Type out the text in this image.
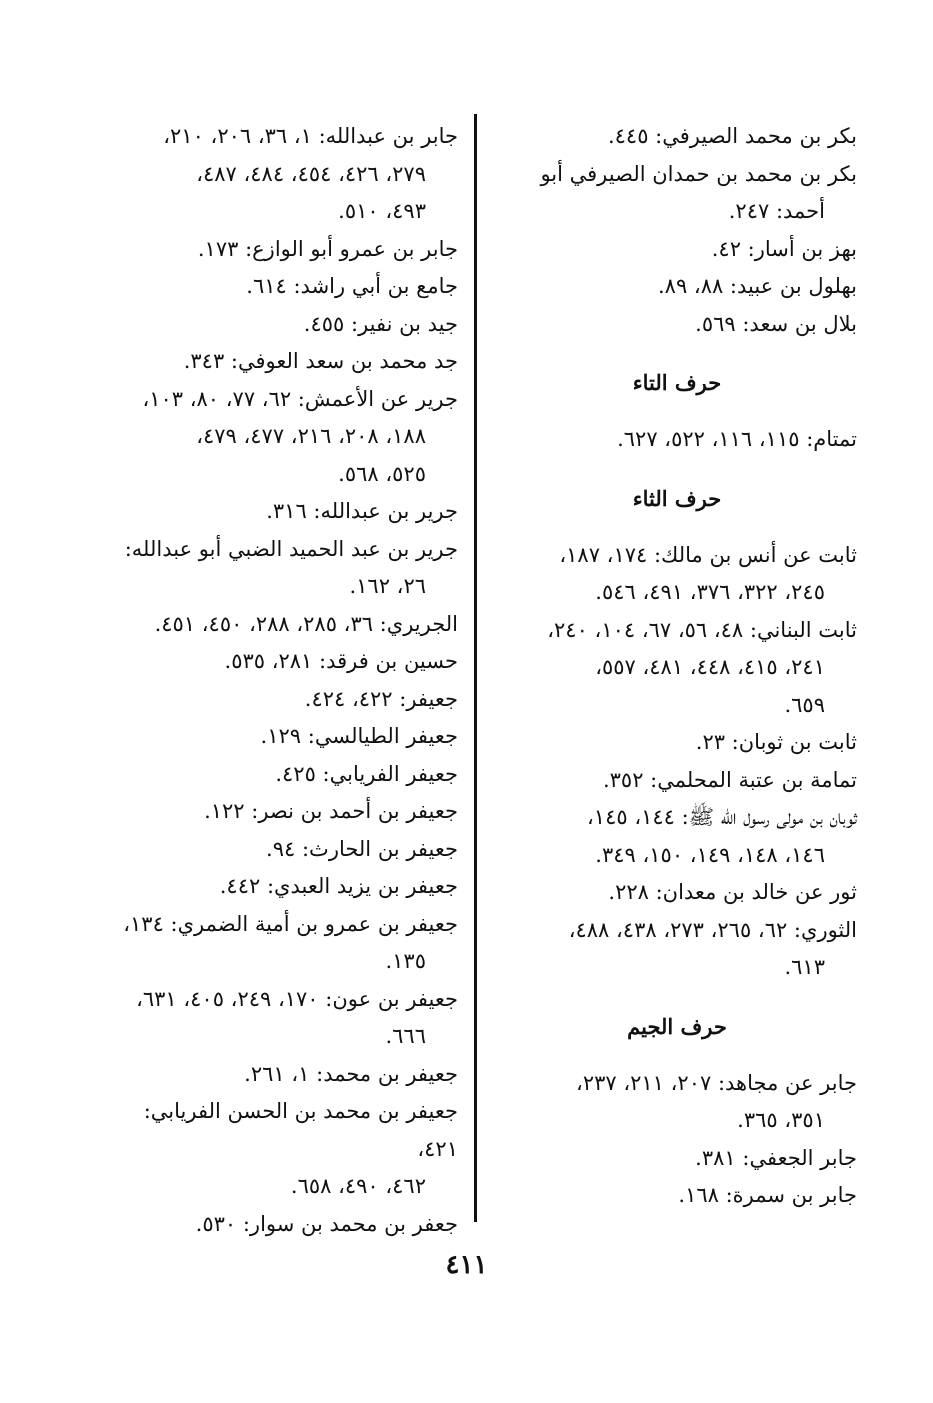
بكر بن محمد الصيرفي: ٤٤٥.
بكر بن محمد بن حمدان الصيرفي أبو
أحمد: ٢٤٧.
بهز بن أسار: ٤٢.
بهلول بن عبيد: ٨٨، ٨٩.
بلال بن سعد: ٥٦٩.
حرف التاء
تمتام: ١١٥، ١١٦، ٥٢٢، ٦٢٧.
حرف الثاء
ثابت عن أنس بن مالك: ١٧٤، ١٨٧،
٢٤٥، ٣٢٢، ٣٧٦، ٤٩١، ٥٤٦.
ثابت البناني: ٤٨، ٥٦، ٦٧، ١٠٤، ٢٤٠،
٢٤١، ٤١٥، ٤٤٨، ٤٨١، ٥٥٧،
٦٥٩.
ثابت بن ثوبان: ٢٣.
تمامة بن عتبة المحلمي: ٣٥٢.
ثوبان بن مولى رسول الله ﷺ: ١٤٤، ١٤٥،
١٤٦، ١٤٨، ١٤٩، ١٥٠، ٣٤٩.
ثور عن خالد بن معدان: ٢٢٨.
الثوري: ٦٢، ٢٦٥، ٢٧٣، ٤٣٨، ٤٨٨،
٦١٣.
حرف الجيم
جابر عن مجاهد: ٢٠٧، ٢١١، ٢٣٧،
٣٥١، ٣٦٥.
جابر الجعفي: ٣٨١.
جابر بن سمرة: ١٦٨.
جابر بن عبدالله: ١، ٣٦، ٢٠٦، ٢١٠،
٢٧٩، ٤٢٦، ٤٥٤، ٤٨٤، ٤٨٧،
٤٩٣، ٥١٠.
جابر بن عمرو أبو الوازع: ١٧٣.
جامع بن أبي راشد: ٦١٤.
جيد بن نفير: ٤٥٥.
جد محمد بن سعد العوفي: ٣٤٣.
جرير عن الأعمش: ٦٢، ٧٧، ٨٠، ١٠٣،
١٨٨، ٢٠٨، ٢١٦، ٤٧٧، ٤٧٩،
٥٢٥، ٥٦٨.
جرير بن عبدالله: ٣١٦.
جرير بن عبد الحميد الضبي أبو عبدالله:
٢٦، ١٦٢.
الجريري: ٣٦، ٢٨٥، ٢٨٨، ٤٥٠، ٤٥١.
حسين بن فرقد: ٢٨١، ٥٣٥.
جعيفر: ٤٢٢، ٤٢٤.
جعيفر الطيالسي: ١٢٩.
جعيفر الفريابي: ٤٢٥.
جعيفر بن أحمد بن نصر: ١٢٢.
جعيفر بن الحارث: ٩٤.
جعيفر بن يزيد العبدي: ٤٤٢.
جعيفر بن عمرو بن أمية الضمري: ١٣٤،
١٣٥.
جعيفر بن عون: ١٧٠، ٢٤٩، ٤٠٥، ٦٣١،
٦٦٦.
جعيفر بن محمد: ١، ٢٦١.
جعيفر بن محمد بن الحسن الفريابي: ٤٢١،
٤٦٢، ٤٩٠، ٦٥٨.
جعفر بن محمد بن سوار: ٥٣٠.
٤١١
